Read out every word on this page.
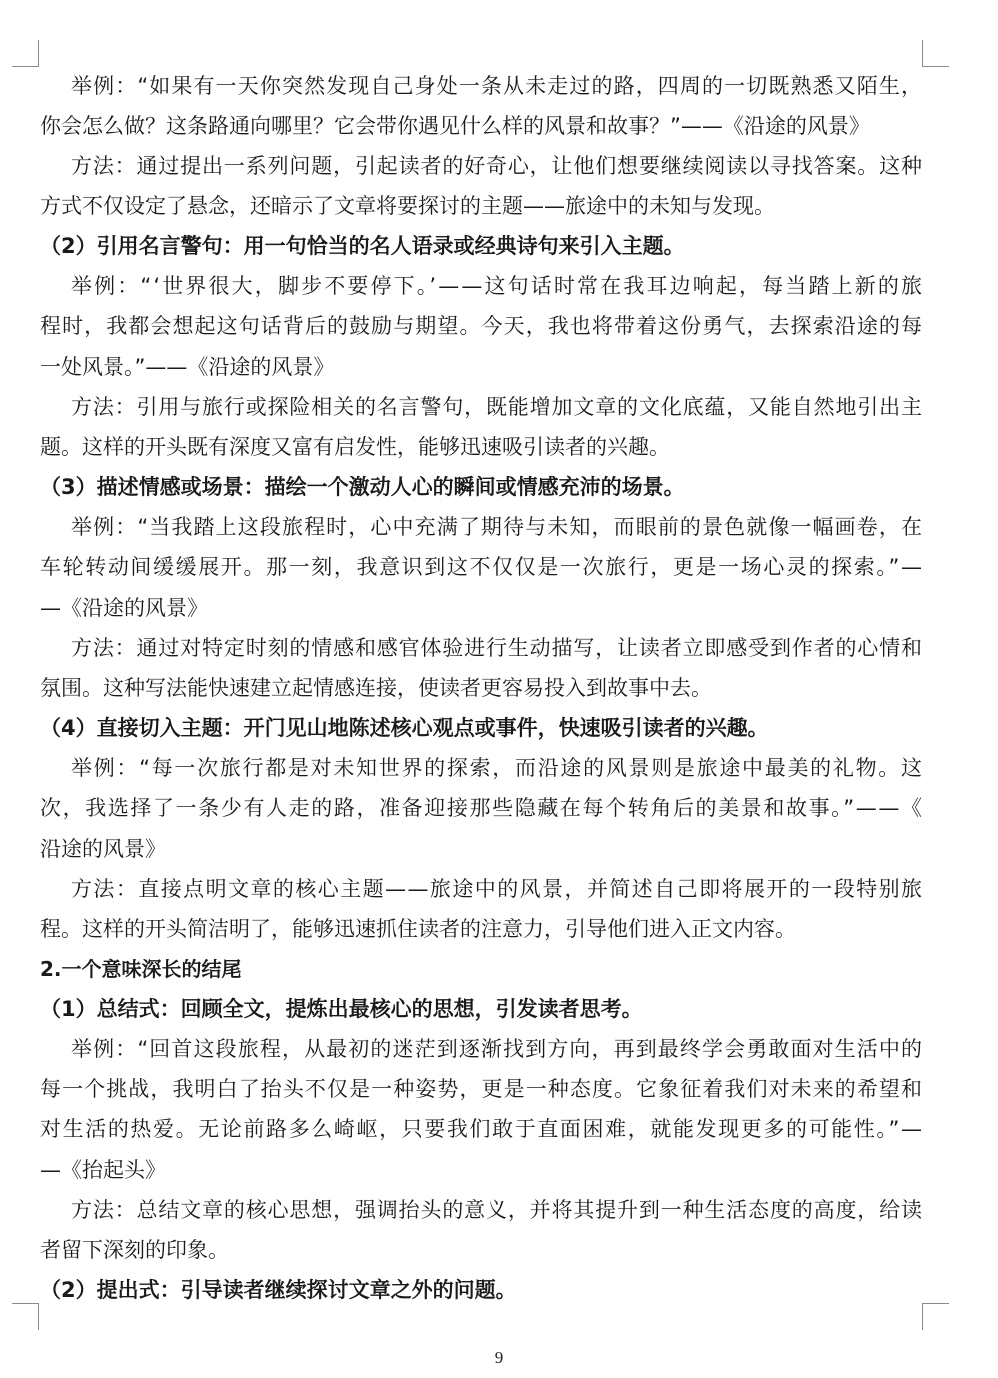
举例：“如果有一天你突然发现自己身处一条从未走过的路，四周的一切既熟悉又陌生，
你会怎么做？这条路通向哪里？它会带你遇见什么样的风景和故事？”——《沿途的风景》
方法：通过提出一系列问题，引起读者的好奇心，让他们想要继续阅读以寻找答案。这种
方式不仅设定了悬念，还暗示了文章将要探讨的主题——旅途中的未知与发现。
（2）引用名言警句：用一句恰当的名人语录或经典诗句来引入主题。
举例：“‘世界很大，脚步不要停下。’——这句话时常在我耳边响起，每当踏上新的旅
程时，我都会想起这句话背后的鼓励与期望。今天，我也将带着这份勇气，去探索沿途的每
一处风景。”——《沿途的风景》
方法：引用与旅行或探险相关的名言警句，既能增加文章的文化底蕴，又能自然地引出主
题。这样的开头既有深度又富有启发性，能够迅速吸引读者的兴趣。
（3）描述情感或场景：描绘一个激动人心的瞬间或情感充沛的场景。
举例：“当我踏上这段旅程时，心中充满了期待与未知，而眼前的景色就像一幅画卷，在
车轮转动间缓缓展开。那一刻，我意识到这不仅仅是一次旅行，更是一场心灵的探索。”—
—《沿途的风景》
方法：通过对特定时刻的情感和感官体验进行生动描写，让读者立即感受到作者的心情和
氛围。这种写法能快速建立起情感连接，使读者更容易投入到故事中去。
（4）直接切入主题：开门见山地陈述核心观点或事件，快速吸引读者的兴趣。
举例：“每一次旅行都是对未知世界的探索，而沿途的风景则是旅途中最美的礼物。这
次，我选择了一条少有人走的路，准备迎接那些隐藏在每个转角后的美景和故事。”——《
沿途的风景》
方法：直接点明文章的核心主题——旅途中的风景，并简述自己即将展开的一段特别旅
程。这样的开头简洁明了，能够迅速抓住读者的注意力，引导他们进入正文内容。
2.一个意味深长的结尾
（1）总结式：回顾全文，提炼出最核心的思想，引发读者思考。
举例：“回首这段旅程，从最初的迷茫到逐渐找到方向，再到最终学会勇敢面对生活中的
每一个挑战，我明白了抬头不仅是一种姿势，更是一种态度。它象征着我们对未来的希望和
对生活的热爱。无论前路多么崎岖，只要我们敢于直面困难，就能发现更多的可能性。”—
—《抬起头》
方法：总结文章的核心思想，强调抬头的意义，并将其提升到一种生活态度的高度，给读
者留下深刻的印象。
（2）提出式：引导读者继续探讨文章之外的问题。
9
